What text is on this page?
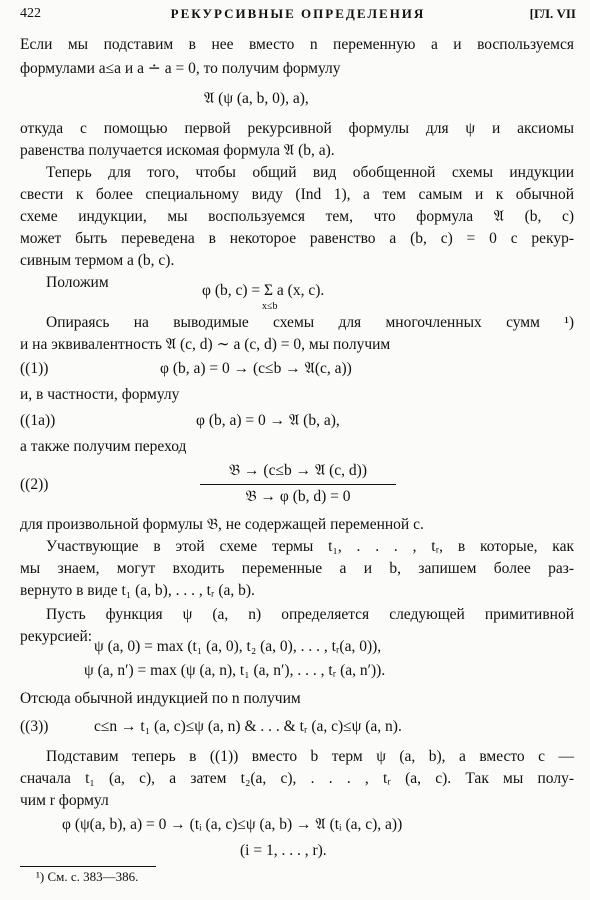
422	РЕКУРСИВНЫЕ ОПРЕДЕЛЕНИЯ	[ГЛ. VII
Если мы подставим в нее вместо n переменную a и воспользуемся
формулами a≤a и a ∸ a = 0, то получим формулу
𝔄 (ψ (a, b, 0), a),
откуда с помощью первой рекурсивной формулы для ψ и аксиомы
равенства получается искомая формула 𝔄 (b, a).
Теперь для того, чтобы общий вид обобщенной схемы индукции
свести к более специальному виду (Ind 1), а тем самым и к обычной
схеме индукции, мы воспользуемся тем, что формула 𝔄 (b, c)
может быть переведена в некоторое равенство a (b, c) = 0 с рекур-
сивным термом a (b, c).
Положим	φ (b, c) = Σ a (x, c).
x≤b
Опираясь на выводимые схемы для многочленных сумм ¹)
и на эквивалентность 𝔄 (c, d) ∼ a (c, d) = 0, мы получим
((1))	φ (b, a) = 0 → (c≤b → 𝔄(c, a))
и, в частности, формулу
((1a))	φ (b, a) = 0 → 𝔄 (b, a),
а также получим переход
((2))
𝔅 → (c≤b → 𝔄 (c, d))
𝔅 → φ (b, d) = 0
для произвольной формулы 𝔅, не содержащей переменной c.
Участвующие в этой схеме термы t₁, . . . , tᵣ, в которые, как
мы знаем, могут входить переменные a и b, запишем более раз-
вернуто в виде t₁ (a, b), . . . , tᵣ (a, b).
Пусть функция ψ (a, n) определяется следующей примитивной
рекурсией:
ψ (a, 0) = max (t₁ (a, 0), t₂ (a, 0), . . . , tᵣ(a, 0)),
ψ (a, n′) = max (ψ (a, n), t₁ (a, n′), . . . , tᵣ (a, n′)).
Отсюда обычной индукцией по n получим
((3))	c≤n → t₁ (a, c)≤ψ (a, n) & . . . & tᵣ (a, c)≤ψ (a, n).
Подставим теперь в ((1)) вместо b терм ψ (a, b), а вместо c —
сначала t₁ (a, c), а затем t₂(a, c), . . . , tᵣ (a, c). Так мы полу-
чим r формул
φ (ψ(a, b), a) = 0 → (tᵢ (a, c)≤ψ (a, b) → 𝔄 (tᵢ (a, c), a))
(i = 1, . . . , r).
¹) См. с. 383—386.
